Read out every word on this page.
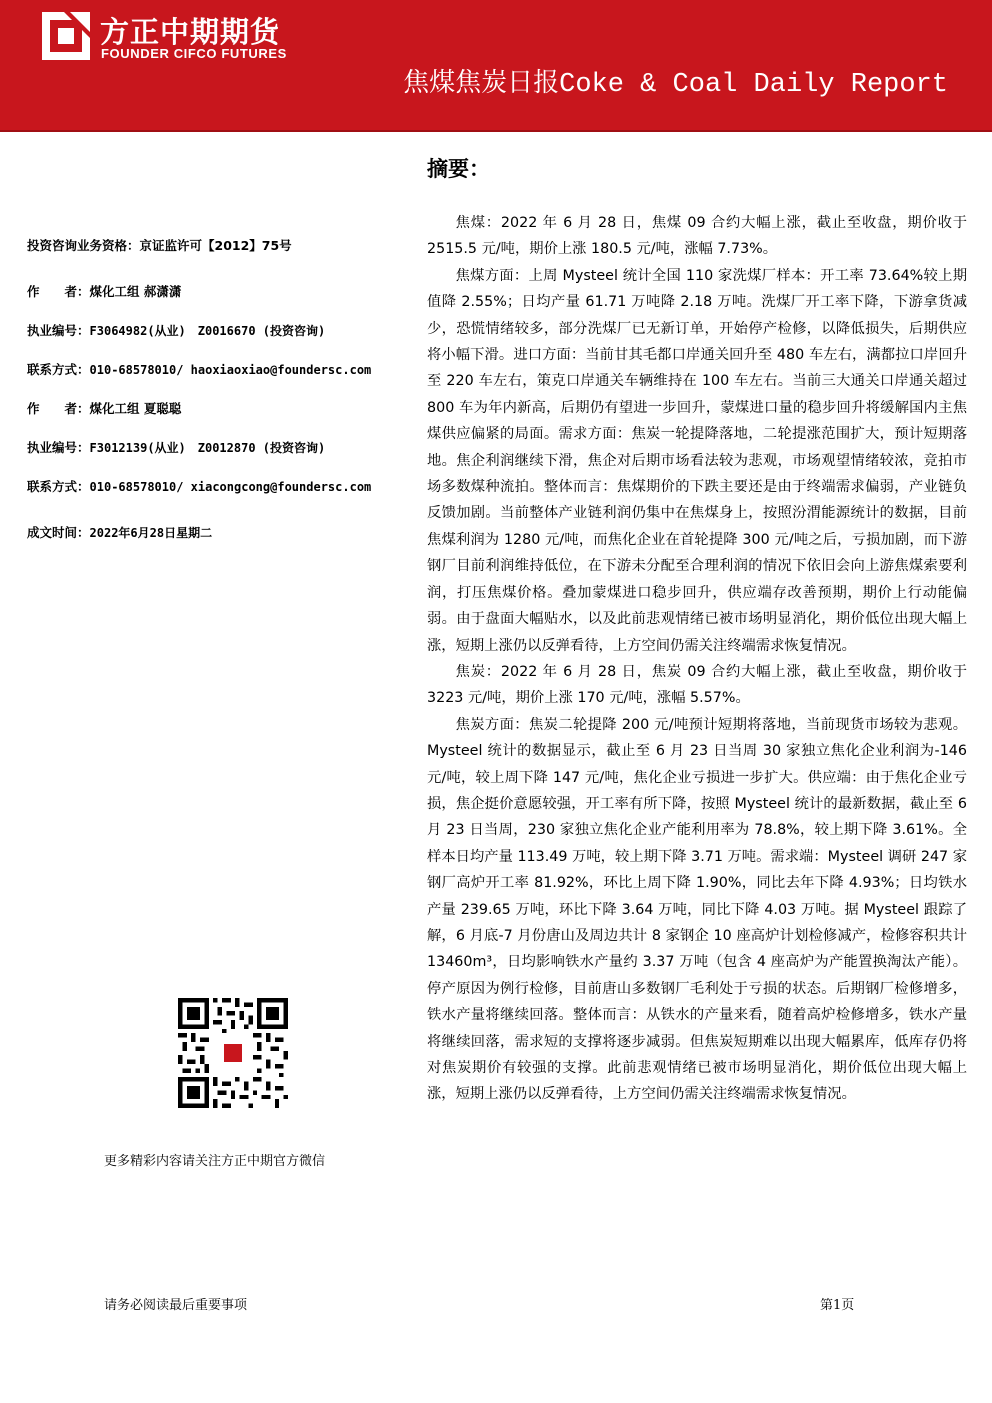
方正中期期货
FOUNDER CIFCO FUTURES
焦煤焦炭日报Coke & Coal Daily Report
投资咨询业务资格：京证监许可【2012】75号
作　　者：煤化工组 郝潇潇
执业编号：F3064982(从业)　Z0016670 (投资咨询)
联系方式：010-68578010/ haoxiaoxiao@foundersc.com
作　　者：煤化工组 夏聪聪
执业编号：F3012139(从业)　Z0012870 (投资咨询)
联系方式：010-68578010/ xiacongcong@foundersc.com
成文时间：2022年6月28日星期二
更多精彩内容请关注方正中期官方微信
摘要：

焦煤：2022 年 6 月 28 日，焦煤 09 合约大幅上涨，截止至收盘，期价收于 2515.5 元/吨，期价上涨 180.5 元/吨，涨幅 7.73%。

焦煤方面：上周 Mysteel 统计全国 110 家洗煤厂样本：开工率 73.64%较上期值降 2.55%；日均产量 61.71 万吨降 2.18 万吨。洗煤厂开工率下降，下游拿货减少，恐慌情绪较多，部分洗煤厂已无新订单，开始停产检修，以降低损失，后期供应将小幅下滑。进口方面：当前甘其毛都口岸通关回升至 480 车左右，满都拉口岸回升至 220 车左右，策克口岸通关车辆维持在 100 车左右。当前三大通关口岸通关超过 800 车为年内新高，后期仍有望进一步回升，蒙煤进口量的稳步回升将缓解国内主焦煤供应偏紧的局面。需求方面：焦炭一轮提降落地，二轮提涨范围扩大，预计短期落地。焦企利润继续下滑，焦企对后期市场看法较为悲观，市场观望情绪较浓，竞拍市场多数煤种流拍。整体而言：焦煤期价的下跌主要还是由于终端需求偏弱，产业链负反馈加剧。当前整体产业链利润仍集中在焦煤身上，按照汾渭能源统计的数据，目前焦煤利润为 1280 元/吨，而焦化企业在首轮提降 300 元/吨之后，亏损加剧，而下游钢厂目前利润维持低位，在下游未分配至合理利润的情况下依旧会向上游焦煤索要利润，打压焦煤价格。叠加蒙煤进口稳步回升，供应端存改善预期，期价上行动能偏弱。由于盘面大幅贴水，以及此前悲观情绪已被市场明显消化，期价低位出现大幅上涨，短期上涨仍以反弹看待，上方空间仍需关注终端需求恢复情况。

焦炭：2022 年 6 月 28 日，焦炭 09 合约大幅上涨，截止至收盘，期价收于 3223 元/吨，期价上涨 170 元/吨，涨幅 5.57%。

焦炭方面：焦炭二轮提降 200 元/吨预计短期将落地，当前现货市场较为悲观。Mysteel 统计的数据显示，截止至 6 月 23 日当周 30 家独立焦化企业利润为-146 元/吨，较上周下降 147 元/吨，焦化企业亏损进一步扩大。供应端：由于焦化企业亏损，焦企挺价意愿较强，开工率有所下降，按照 Mysteel 统计的最新数据，截止至 6 月 23 日当周，230 家独立焦化企业产能利用率为 78.8%，较上期下降 3.61%。全样本日均产量 113.49 万吨，较上期下降 3.71 万吨。需求端：Mysteel 调研 247 家钢厂高炉开工率 81.92%，环比上周下降 1.90%，同比去年下降 4.93%；日均铁水产量 239.65 万吨，环比下降 3.64 万吨，同比下降 4.03 万吨。据 Mysteel 跟踪了解，6 月底-7 月份唐山及周边共计 8 家钢企 10 座高炉计划检修减产，检修容积共计 13460m³，日均影响铁水产量约 3.37 万吨（包含 4 座高炉为产能置换淘汰产能）。停产原因为例行检修，目前唐山多数钢厂毛利处于亏损的状态。后期钢厂检修增多，铁水产量将继续回落。整体而言：从铁水的产量来看，随着高炉检修增多，铁水产量将继续回落，需求短的支撑将逐步减弱。但焦炭短期难以出现大幅累库，低库存仍将对焦炭期价有较强的支撑。此前悲观情绪已被市场明显消化，期价低位出现大幅上涨，短期上涨仍以反弹看待，上方空间仍需关注终端需求恢复情况。

请务必阅读最后重要事项	第1页
